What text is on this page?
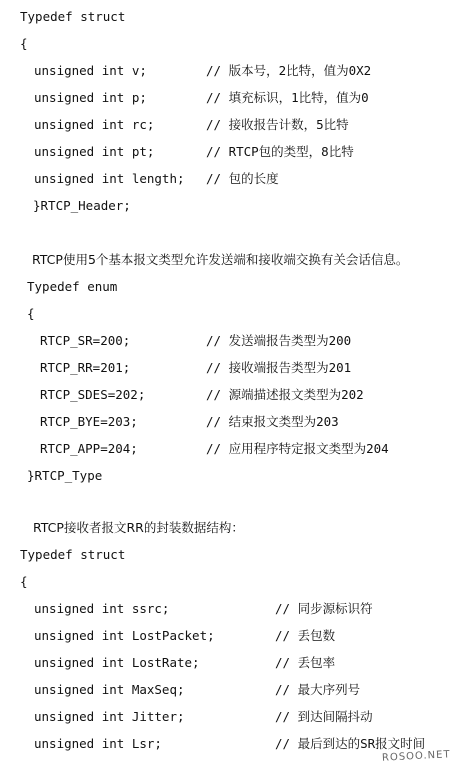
Typedef struct
{
unsigned int v;	// 版本号，2比特，值为0X2
unsigned int p;	// 填充标识，1比特，值为0
unsigned int rc;	// 接收报告计数，5比特
unsigned int pt;	// RTCP包的类型，8比特
unsigned int length; // 包的长度
}RTCP_Header;
RTCP使用5个基本报文类型允许发送端和接收端交换有关会话信息。
Typedef enum
{
RTCP_SR=200;	// 发送端报告类型为200
RTCP_RR=201;	// 接收端报告类型为201
RTCP_SDES=202;	// 源端描述报文类型为202
RTCP_BYE=203;	// 结束报文类型为203
RTCP_APP=204;	// 应用程序特定报文类型为204
}RTCP_Type
RTCP接收者报文RR的封装数据结构：
Typedef struct
{
unsigned int ssrc;	// 同步源标识符
unsigned int LostPacket;	// 丢包数
unsigned int LostRate;	// 丢包率
unsigned int MaxSeq;	// 最大序列号
unsigned int Jitter;	// 到达间隔抖动
unsigned int Lsr;	// 最后到达的SR报文时间
ROSOO.NET
